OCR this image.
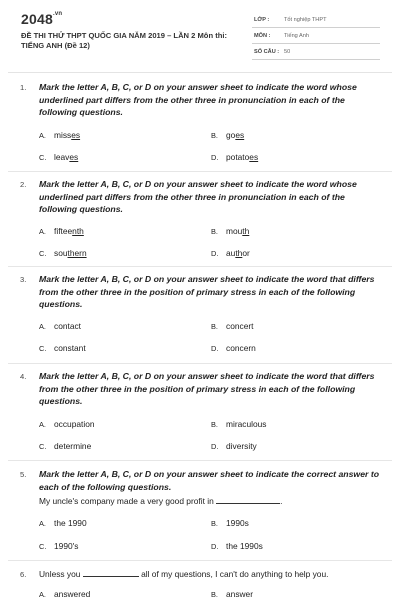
$2048^{.vn}$
ĐỀ THI THỬ THPT QUỐC GIA NĂM 2019 – LẦN 2 Môn thi: TIẾNG ANH (Đề 12)
LỚP :	Tốt nghiệp THPT
MÔN : Tiếng Anh
SỐ CÂU : 50
1. Mark the letter A, B, C, or D on your answer sheet to indicate the word whose underlined part differs from the other three in pronunciation in each of the following questions.
A. misses	B. goes
C. leaves	D. potatoes
2. Mark the letter A, B, C, or D on your answer sheet to indicate the word whose underlined part differs from the other three in pronunciation in each of the following questions.
A. fifteenth	B. mouth
C. southern	D. author
3. Mark the letter A, B, C, or D on your answer sheet to indicate the word that differs from the other three in the position of primary stress in each of the following questions.
A. contact	B. concert
C. constant	D. concern
4. Mark the letter A, B, C, or D on your answer sheet to indicate the word that differs from the other three in the position of primary stress in each of the following questions.
A. occupation	B. miraculous
C. determine	D. diversity
5. Mark the letter A, B, C, or D on your answer sheet to indicate the correct answer to each of the following questions.
My uncle's company made a very good profit in	.
A. the 1990	B. 1990s
C. 1990's	D. the 1990s
6. Unless you	all of my questions, I can't do anything to help you.
A. answered	B. answer
